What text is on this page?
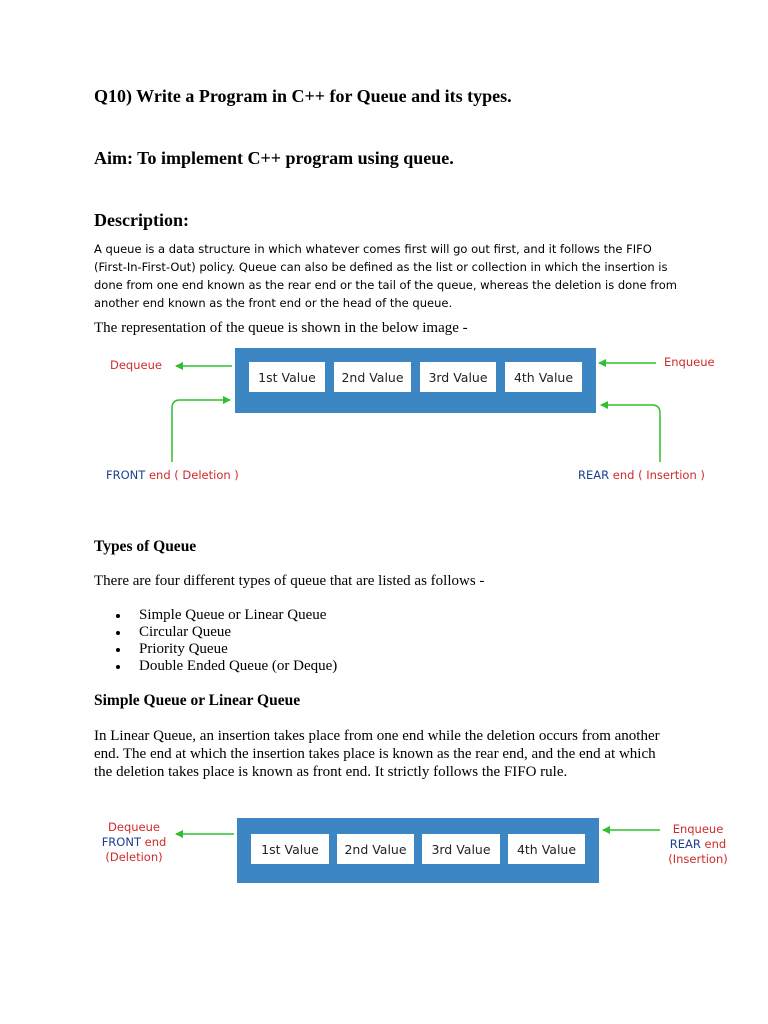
Q10) Write a Program in C++ for Queue and its types.
Aim: To implement C++ program using queue.
Description:
A queue is a data structure in which whatever comes first will go out first, and it follows the FIFO (First-In-First-Out) policy. Queue can also be defined as the list or collection in which the insertion is done from one end known as the rear end or the tail of the queue, whereas the deletion is done from another end known as the front end or the head of the queue.
The representation of the queue is shown in the below image -
1st Value	2nd Value	3rd Value	4th Value
Dequeue	Enqueue
FRONT end ( Deletion )	REAR end ( Insertion )
Types of Queue
There are four different types of queue that are listed as follows -
Simple Queue or Linear Queue
Circular Queue
Priority Queue
Double Ended Queue (or Deque)
Simple Queue or Linear Queue
In Linear Queue, an insertion takes place from one end while the deletion occurs from another end. The end at which the insertion takes place is known as the rear end, and the end at which the deletion takes place is known as front end. It strictly follows the FIFO rule.
1st Value	2nd Value	3rd Value	4th Value
Dequeue
FRONT end
(Deletion)
Enqueue
REAR end
(Insertion)
